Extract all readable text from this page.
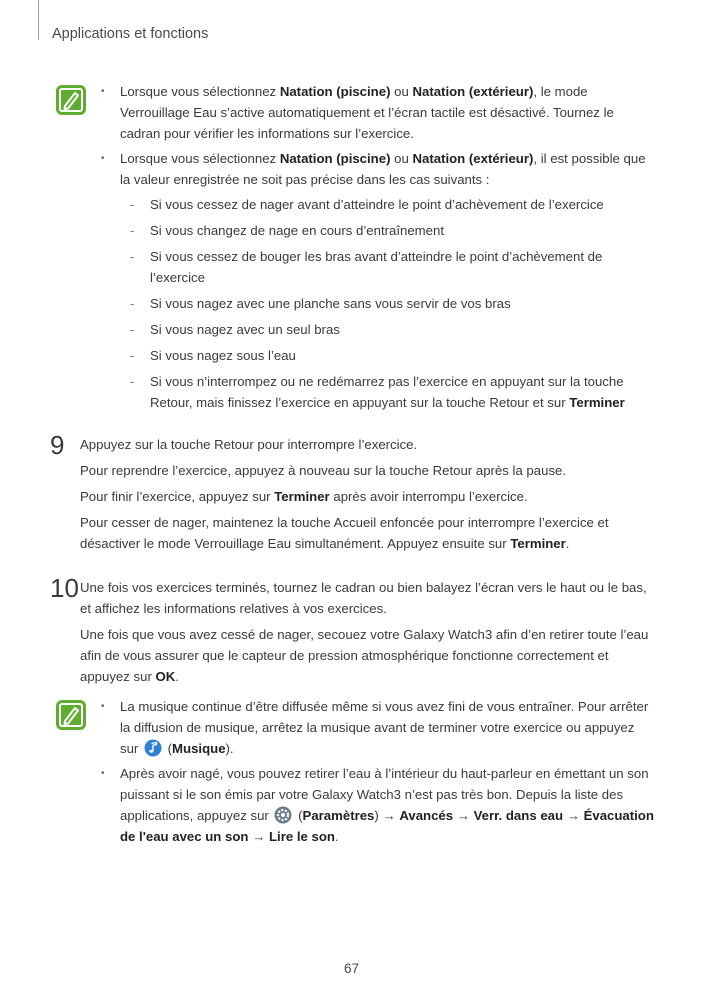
Applications et fonctions
• Lorsque vous sélectionnez Natation (piscine) ou Natation (extérieur), le mode Verrouillage Eau s’active automatiquement et l’écran tactile est désactivé. Tournez le cadran pour vérifier les informations sur l’exercice.
• Lorsque vous sélectionnez Natation (piscine) ou Natation (extérieur), il est possible que la valeur enregistrée ne soit pas précise dans les cas suivants :
- Si vous cessez de nager avant d’atteindre le point d’achèvement de l’exercice
- Si vous changez de nage en cours d’entraînement
- Si vous cessez de bouger les bras avant d’atteindre le point d’achèvement de l’exercice
- Si vous nagez avec une planche sans vous servir de vos bras
- Si vous nagez avec un seul bras
- Si vous nagez sous l’eau
- Si vous n’interrompez ou ne redémarrez pas l’exercice en appuyant sur la touche Retour, mais finissez l’exercice en appuyant sur la touche Retour et sur Terminer
9 Appuyez sur la touche Retour pour interrompre l’exercice.

Pour reprendre l’exercice, appuyez à nouveau sur la touche Retour après la pause.

Pour finir l’exercice, appuyez sur Terminer après avoir interrompu l’exercice.

Pour cesser de nager, maintenez la touche Accueil enfoncée pour interrompre l’exercice et désactiver le mode Verrouillage Eau simultanément. Appuyez ensuite sur Terminer.

10 Une fois vos exercices terminés, tournez le cadran ou bien balayez l’écran vers le haut ou le bas, et affichez les informations relatives à vos exercices.

Une fois que vous avez cessé de nager, secouez votre Galaxy Watch3 afin d’en retirer toute l’eau afin de vous assurer que le capteur de pression atmosphérique fonctionne correctement et appuyez sur OK.

• La musique continue d’être diffusée même si vous avez fini de vous entraîner. Pour arrêter la diffusion de musique, arrêtez la musique avant de terminer votre exercice ou appuyez sur  (Musique).
• Après avoir nagé, vous pouvez retirer l’eau à l’intérieur du haut-parleur en émettant un son puissant si le son émis par votre Galaxy Watch3 n’est pas très bon. Depuis la liste des applications, appuyez sur  (Paramètres) → Avancés → Verr. dans eau → Évacuation de l'eau avec un son → Lire le son.
67
